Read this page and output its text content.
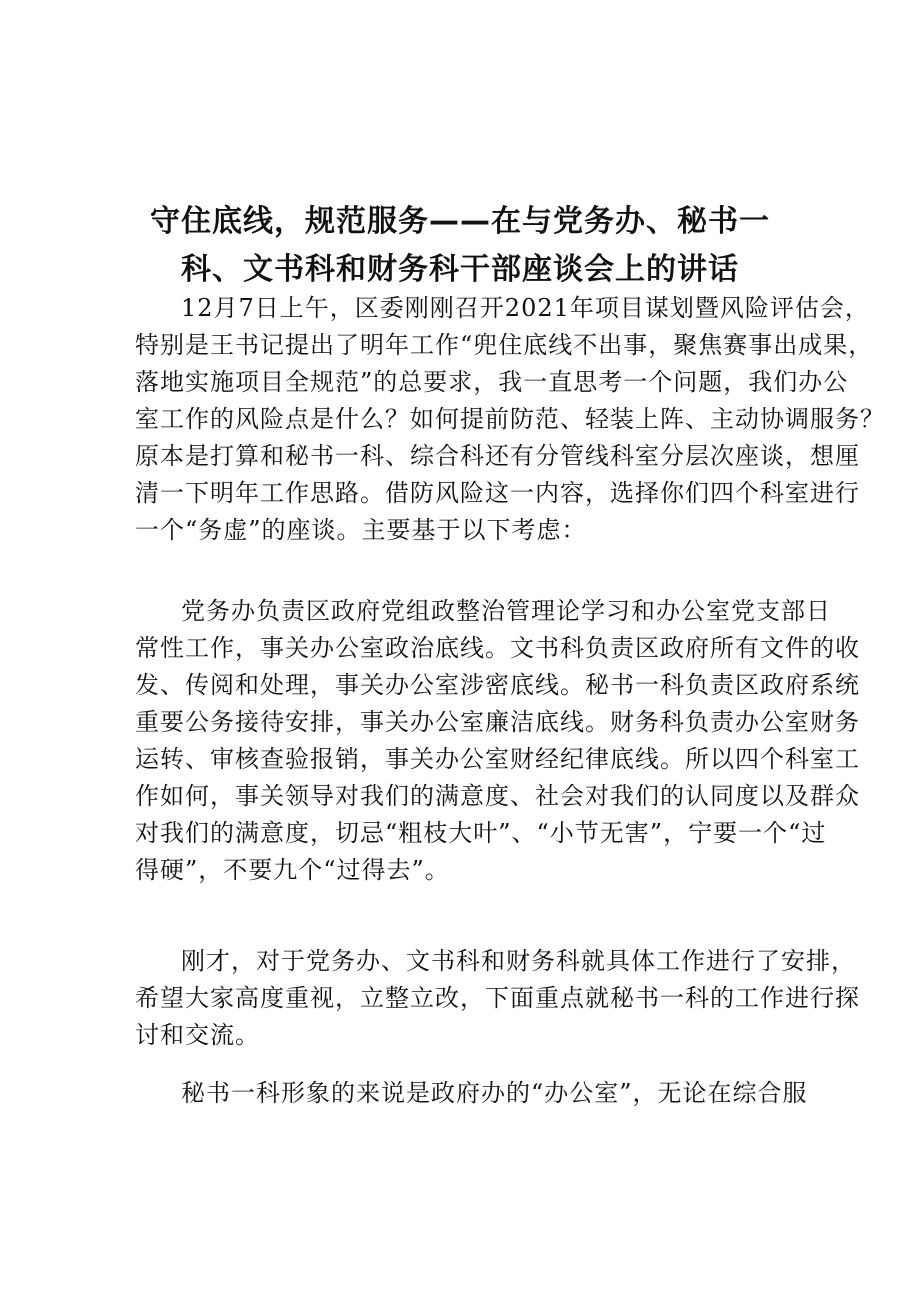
守住底线，规范服务——在与党务办、秘书一
科、文书科和财务科干部座谈会上的讲话
12月7日上午，区委刚刚召开2021年项目谋划暨风险评估会，
特别是王书记提出了明年工作“兜住底线不出事，聚焦赛事出成果，
落地实施项目全规范”的总要求，我一直思考一个问题，我们办公
室工作的风险点是什么？如何提前防范、轻装上阵、主动协调服务？
原本是打算和秘书一科、综合科还有分管线科室分层次座谈，想厘
清一下明年工作思路。借防风险这一内容，选择你们四个科室进行
一个“务虚”的座谈。主要基于以下考虑：
党务办负责区政府党组政整治管理论学习和办公室党支部日
常性工作，事关办公室政治底线。文书科负责区政府所有文件的收
发、传阅和处理，事关办公室涉密底线。秘书一科负责区政府系统
重要公务接待安排，事关办公室廉洁底线。财务科负责办公室财务
运转、审核查验报销，事关办公室财经纪律底线。所以四个科室工
作如何，事关领导对我们的满意度、社会对我们的认同度以及群众
对我们的满意度，切忌“粗枝大叶”、“小节无害”，宁要一个“过
得硬”，不要九个“过得去”。
刚才，对于党务办、文书科和财务科就具体工作进行了安排，
希望大家高度重视，立整立改，下面重点就秘书一科的工作进行探
讨和交流。
秘书一科形象的来说是政府办的“办公室”，无论在综合服
